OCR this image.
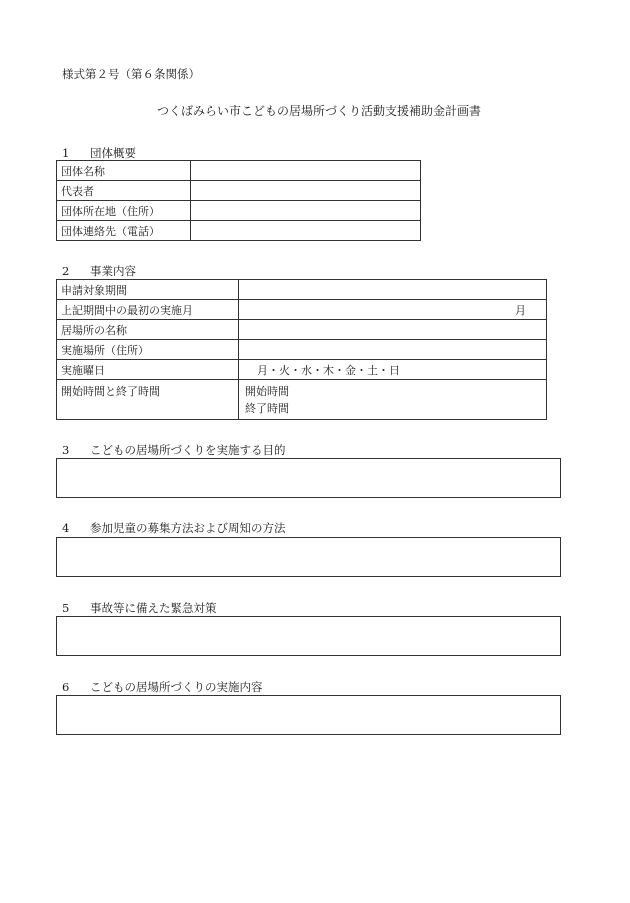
様式第２号（第６条関係）
つくばみらい市こどもの居場所づくり活動支援補助金計画書
1 団体概要
団体名称	
代表者	
団体所在地（住所）	
団体連絡先（電話）	
2 事業内容
申請対象期間	
上記期間中の最初の実施月	月
居場所の名称	
実施場所（住所）	
実施曜日	月・火・水・木・金・土・日
開始時間と終了時間	開始時間
終了時間
3 こどもの居場所づくりを実施する目的
4 参加児童の募集方法および周知の方法
5 事故等に備えた緊急対策
6 こどもの居場所づくりの実施内容
